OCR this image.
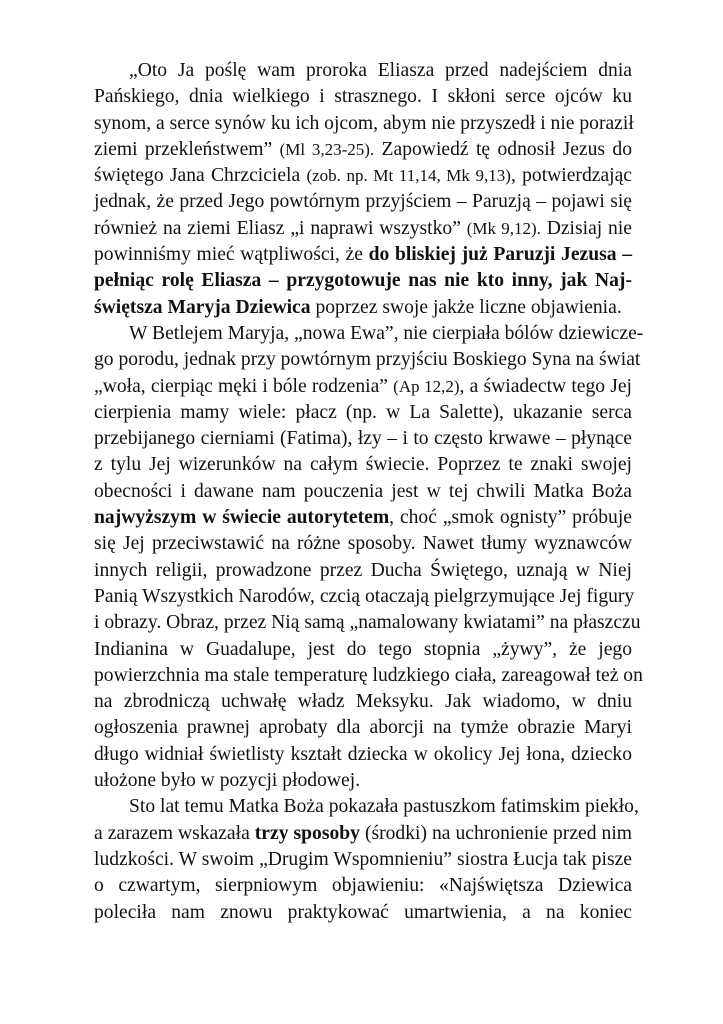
„Oto Ja poślę wam proroka Eliasza przed nadejściem dnia
Pańskiego, dnia wielkiego i strasznego. I skłoni serce ojców ku
synom, a serce synów ku ich ojcom, abym nie przyszedł i nie poraził
ziemi przekleństwem” (Ml 3,23-25). Zapowiedź tę odnosił Jezus do
świętego Jana Chrzciciela (zob. np. Mt 11,14, Mk 9,13), potwierdzając
jednak, że przed Jego powtórnym przyjściem – Paruzją – pojawi się
również na ziemi Eliasz „i naprawi wszystko” (Mk 9,12). Dzisiaj nie
powinniśmy mieć wątpliwości, że do bliskiej już Paruzji Jezusa –
pełniąc rolę Eliasza – przygotowuje nas nie kto inny, jak Naj-
świętsza Maryja Dziewica poprzez swoje jakże liczne objawienia.
W Betlejem Maryja, „nowa Ewa”, nie cierpiała bólów dziewicze-
go porodu, jednak przy powtórnym przyjściu Boskiego Syna na świat
„woła, cierpiąc męki i bóle rodzenia” (Ap 12,2), a świadectw tego Jej
cierpienia mamy wiele: płacz (np. w La Salette), ukazanie serca
przebijanego cierniami (Fatima), łzy – i to często krwawe – płynące
z tylu Jej wizerunków na całym świecie. Poprzez te znaki swojej
obecności i dawane nam pouczenia jest w tej chwili Matka Boża
najwyższym w świecie autorytetem, choć „smok ognisty” próbuje
się Jej przeciwstawić na różne sposoby. Nawet tłumy wyznawców
innych religii, prowadzone przez Ducha Świętego, uznają w Niej
Panią Wszystkich Narodów, czcią otaczają pielgrzymujące Jej figury
i obrazy. Obraz, przez Nią samą „namalowany kwiatami” na płaszczu
Indianina w Guadalupe, jest do tego stopnia „żywy”, że jego
powierzchnia ma stale temperaturę ludzkiego ciała, zareagował też on
na zbrodniczą uchwałę władz Meksyku. Jak wiadomo, w dniu
ogłoszenia prawnej aprobaty dla aborcji na tymże obrazie Maryi
długo widniał świetlisty kształt dziecka w okolicy Jej łona, dziecko
ułożone było w pozycji płodowej.
Sto lat temu Matka Boża pokazała pastuszkom fatimskim piekło,
a zarazem wskazała trzy sposoby (środki) na uchronienie przed nim
ludzkości. W swoim „Drugim Wspomnieniu” siostra Łucja tak pisze
o czwartym, sierpniowym objawieniu: «Najświętsza Dziewica
poleciła nam znowu praktykować umartwienia, a na koniec
